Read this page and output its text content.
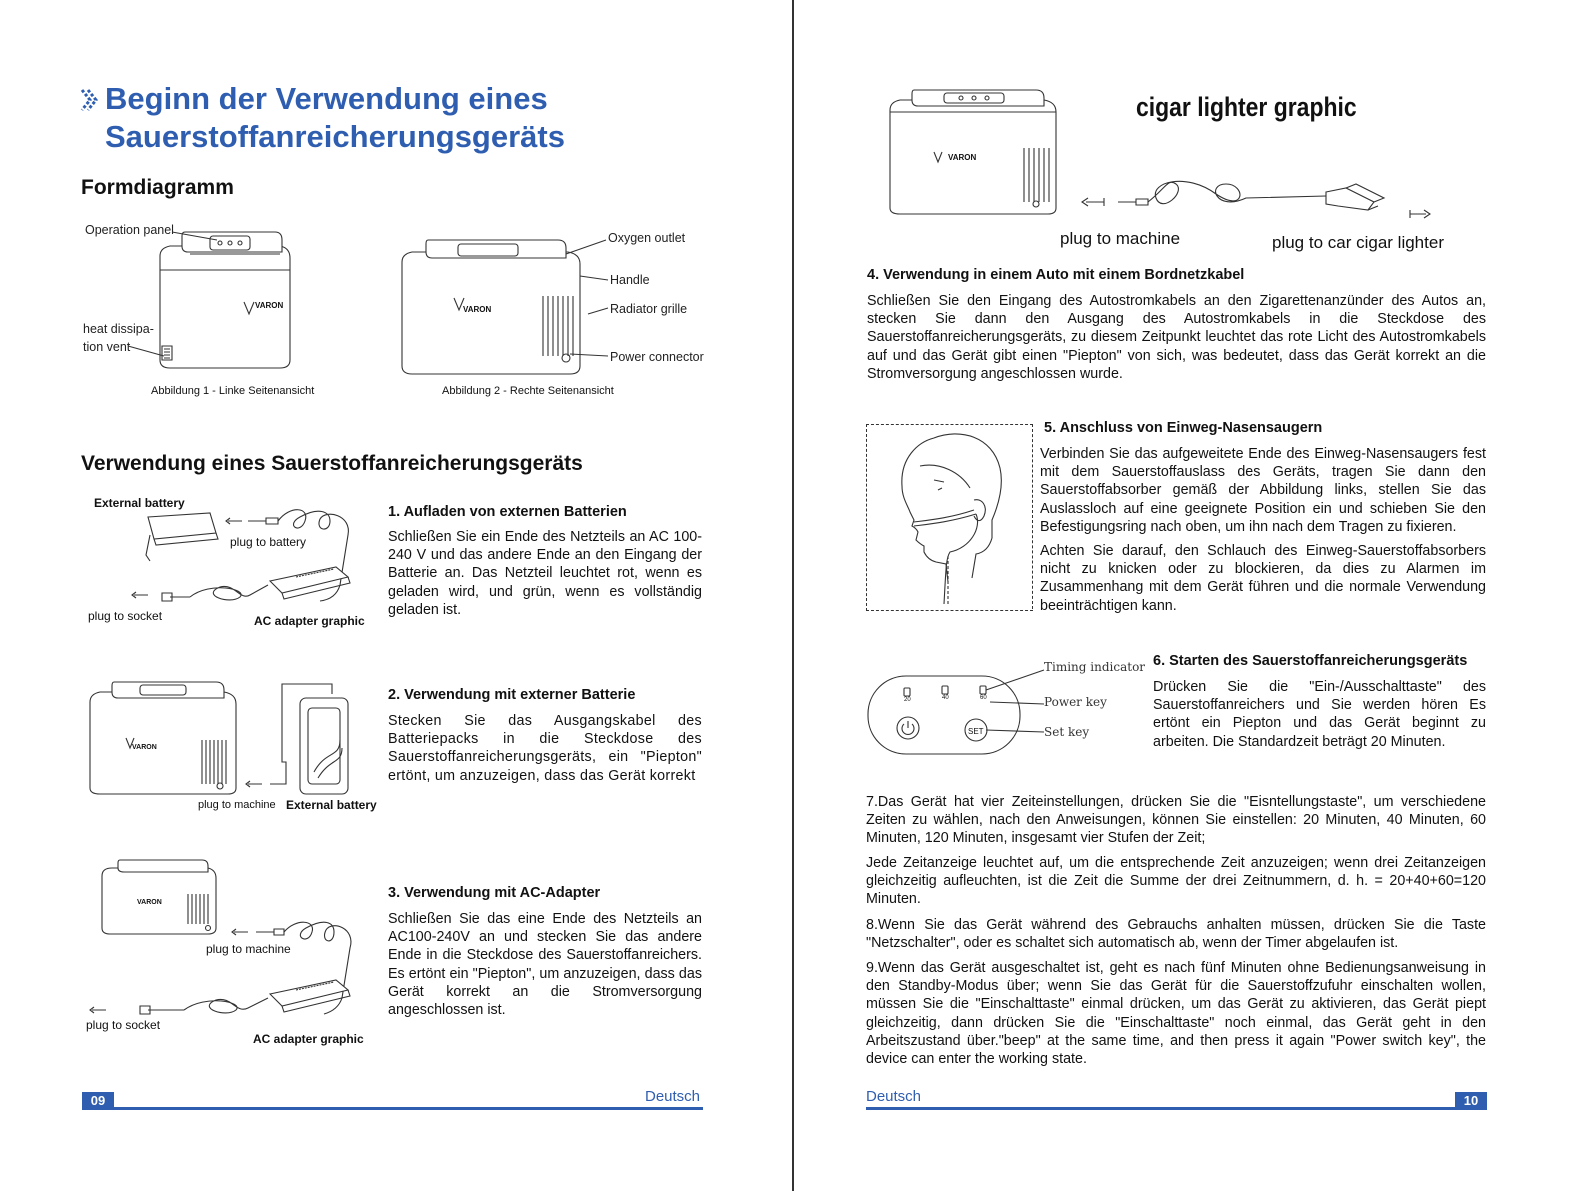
Beginn der Verwendung eines
Sauerstoffanreicherungsgeräts
Formdiagramm
VARON
Operation panel
heat dissipa-
tion vent
Abbildung 1 - Linke Seitenansicht
VARON
Oxygen outlet
Handle
Radiator grille
Power connector
Abbildung 2 - Rechte Seitenansicht
Verwendung eines Sauerstoffanreicherungsgeräts
External battery
plug to battery
plug to socket	AC adapter graphic
1. Aufladen von externen Batterien

Schließen Sie ein Ende des Netzteils an AC 100-240 V und das andere Ende an den Eingang der Batterie an. Das Netzteil leuchtet rot, wenn es geladen wird, und grün, wenn es vollständig geladen ist.

VARON
plug to machine External battery
2. Verwendung mit externer Batterie

Stecken Sie das Ausgangskabel des Batteriepacks in die Steckdose des Sauerstoffanreicherungsgeräts, ein "Piepton" ertönt, um anzuzeigen, dass das Gerät korrekt

VARON
plug to machine
plug to socket
AC adapter graphic
3. Verwendung mit AC-Adapter

Schließen Sie das eine Ende des Netzteils an AC100-240V an und stecken Sie das andere Ende in die Steckdose des Sauerstoffanreichers. Es ertönt ein "Piepton", um anzuzeigen, dass das Gerät korrekt an die Stromversorgung angeschlossen ist.

09	Deutsch
VARON
cigar lighter graphic
plug to machine	plug to car cigar lighter
4. Verwendung in einem Auto mit einem Bordnetzkabel

Schließen Sie den Eingang des Autostromkabels an den Zigarettenanzünder des Autos an, stecken Sie dann den Ausgang des Autostromkabels in die Steckdose des Sauerstoffanreicherungsgeräts, zu diesem Zeitpunkt leuchtet das rote Licht des Autostromkabels auf und das Gerät gibt einen "Piepton" von sich, was bedeutet, dass das Gerät korrekt an die Stromversorgung angeschlossen wurde.

5. Anschluss von Einweg-Nasensaugern

Verbinden Sie das aufgeweitete Ende des Einweg-Nasensaugers fest mit dem Sauerstoffauslass des Geräts, tragen Sie dann den Sauerstoffabsorber gemäß der Abbildung links, stellen Sie das Auslassloch auf eine geeignete Position ein und schieben Sie den Befestigungsring nach oben, um ihn nach dem Tragen zu fixieren.

Achten Sie darauf, den Schlauch des Einweg-Sauerstoffabsorbers nicht zu knicken oder zu blockieren, da dies zu Alarmen im Zusammenhang mit dem Gerät führen und die normale Verwendung beeinträchtigen kann.

20	40	60
SET
Timing indicator
Power key
Set key
6. Starten des Sauerstoffanreicherungsgeräts

Drücken Sie die "Ein-/Ausschalttaste" des Sauerstoffanreichers und Sie werden hören Es ertönt ein Piepton und das Gerät beginnt zu arbeiten. Die Standardzeit beträgt 20 Minuten.

7.Das Gerät hat vier Zeiteinstellungen, drücken Sie die "Eisntellungstaste", um verschiedene Zeiten zu wählen, nach den Anweisungen, können Sie einstellen: 20 Minuten, 40 Minuten, 60 Minuten, 120 Minuten, insgesamt vier Stufen der Zeit;

Jede Zeitanzeige leuchtet auf, um die entsprechende Zeit anzuzeigen; wenn drei Zeitanzeigen gleichzeitig aufleuchten, ist die Zeit die Summe der drei Zeitnummern, d. h. = 20+40+60=120 Minuten.

8.Wenn Sie das Gerät während des Gebrauchs anhalten müssen, drücken Sie die Taste "Netzschalter", oder es schaltet sich automatisch ab, wenn der Timer abgelaufen ist.

9.Wenn das Gerät ausgeschaltet ist, geht es nach fünf Minuten ohne Bedienungsanweisung in den Standby-Modus über; wenn Sie das Gerät für die Sauerstoffzufuhr einschalten wollen, müssen Sie die "Einschalttaste" einmal drücken, um das Gerät zu aktivieren, das Gerät piept gleichzeitig, dann drücken Sie die "Einschalttaste" noch einmal, das Gerät geht in den Arbeitszustand über."beep" at the same time, and then press it again "Power switch key", the device can enter the working state.

Deutsch	10
